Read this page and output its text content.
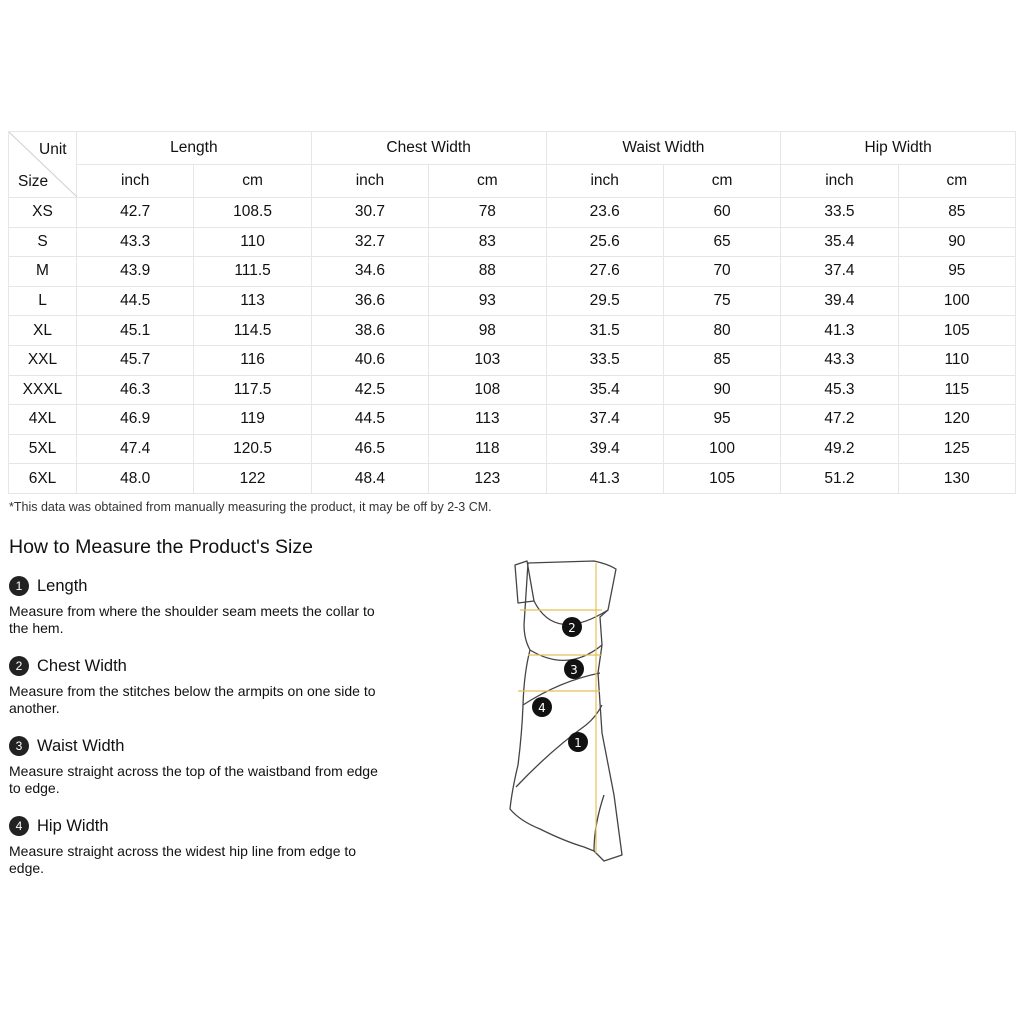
Unit
Size	Length		Chest Width		Waist Width		Hip Width	
	inch	cm	inch	cm	inch	cm	inch	cm
XS	42.7	108.5	30.7	78	23.6	60	33.5	85
S	43.3	110	32.7	83	25.6	65	35.4	90
M	43.9	111.5	34.6	88	27.6	70	37.4	95
L	44.5	113	36.6	93	29.5	75	39.4	100
XL	45.1	114.5	38.6	98	31.5	80	41.3	105
XXL	45.7	116	40.6	103	33.5	85	43.3	110
XXXL	46.3	117.5	42.5	108	35.4	90	45.3	115
4XL	46.9	119	44.5	113	37.4	95	47.2	120
5XL	47.4	120.5	46.5	118	39.4	100	49.2	125
6XL	48.0	122	48.4	123	41.3	105	51.2	130
*This data was obtained from manually measuring the product, it may be off by 2-3 CM.
How to Measure the Product's Size
1 Length
Measure from where the shoulder seam meets the collar to the hem.
2 Chest Width
Measure from the stitches below the armpits on one side to another.
3 Waist Width
Measure straight across the top of the waistband from edge to edge.
4 Hip Width
Measure straight across the widest hip line from edge to edge.
2
3
4
1
